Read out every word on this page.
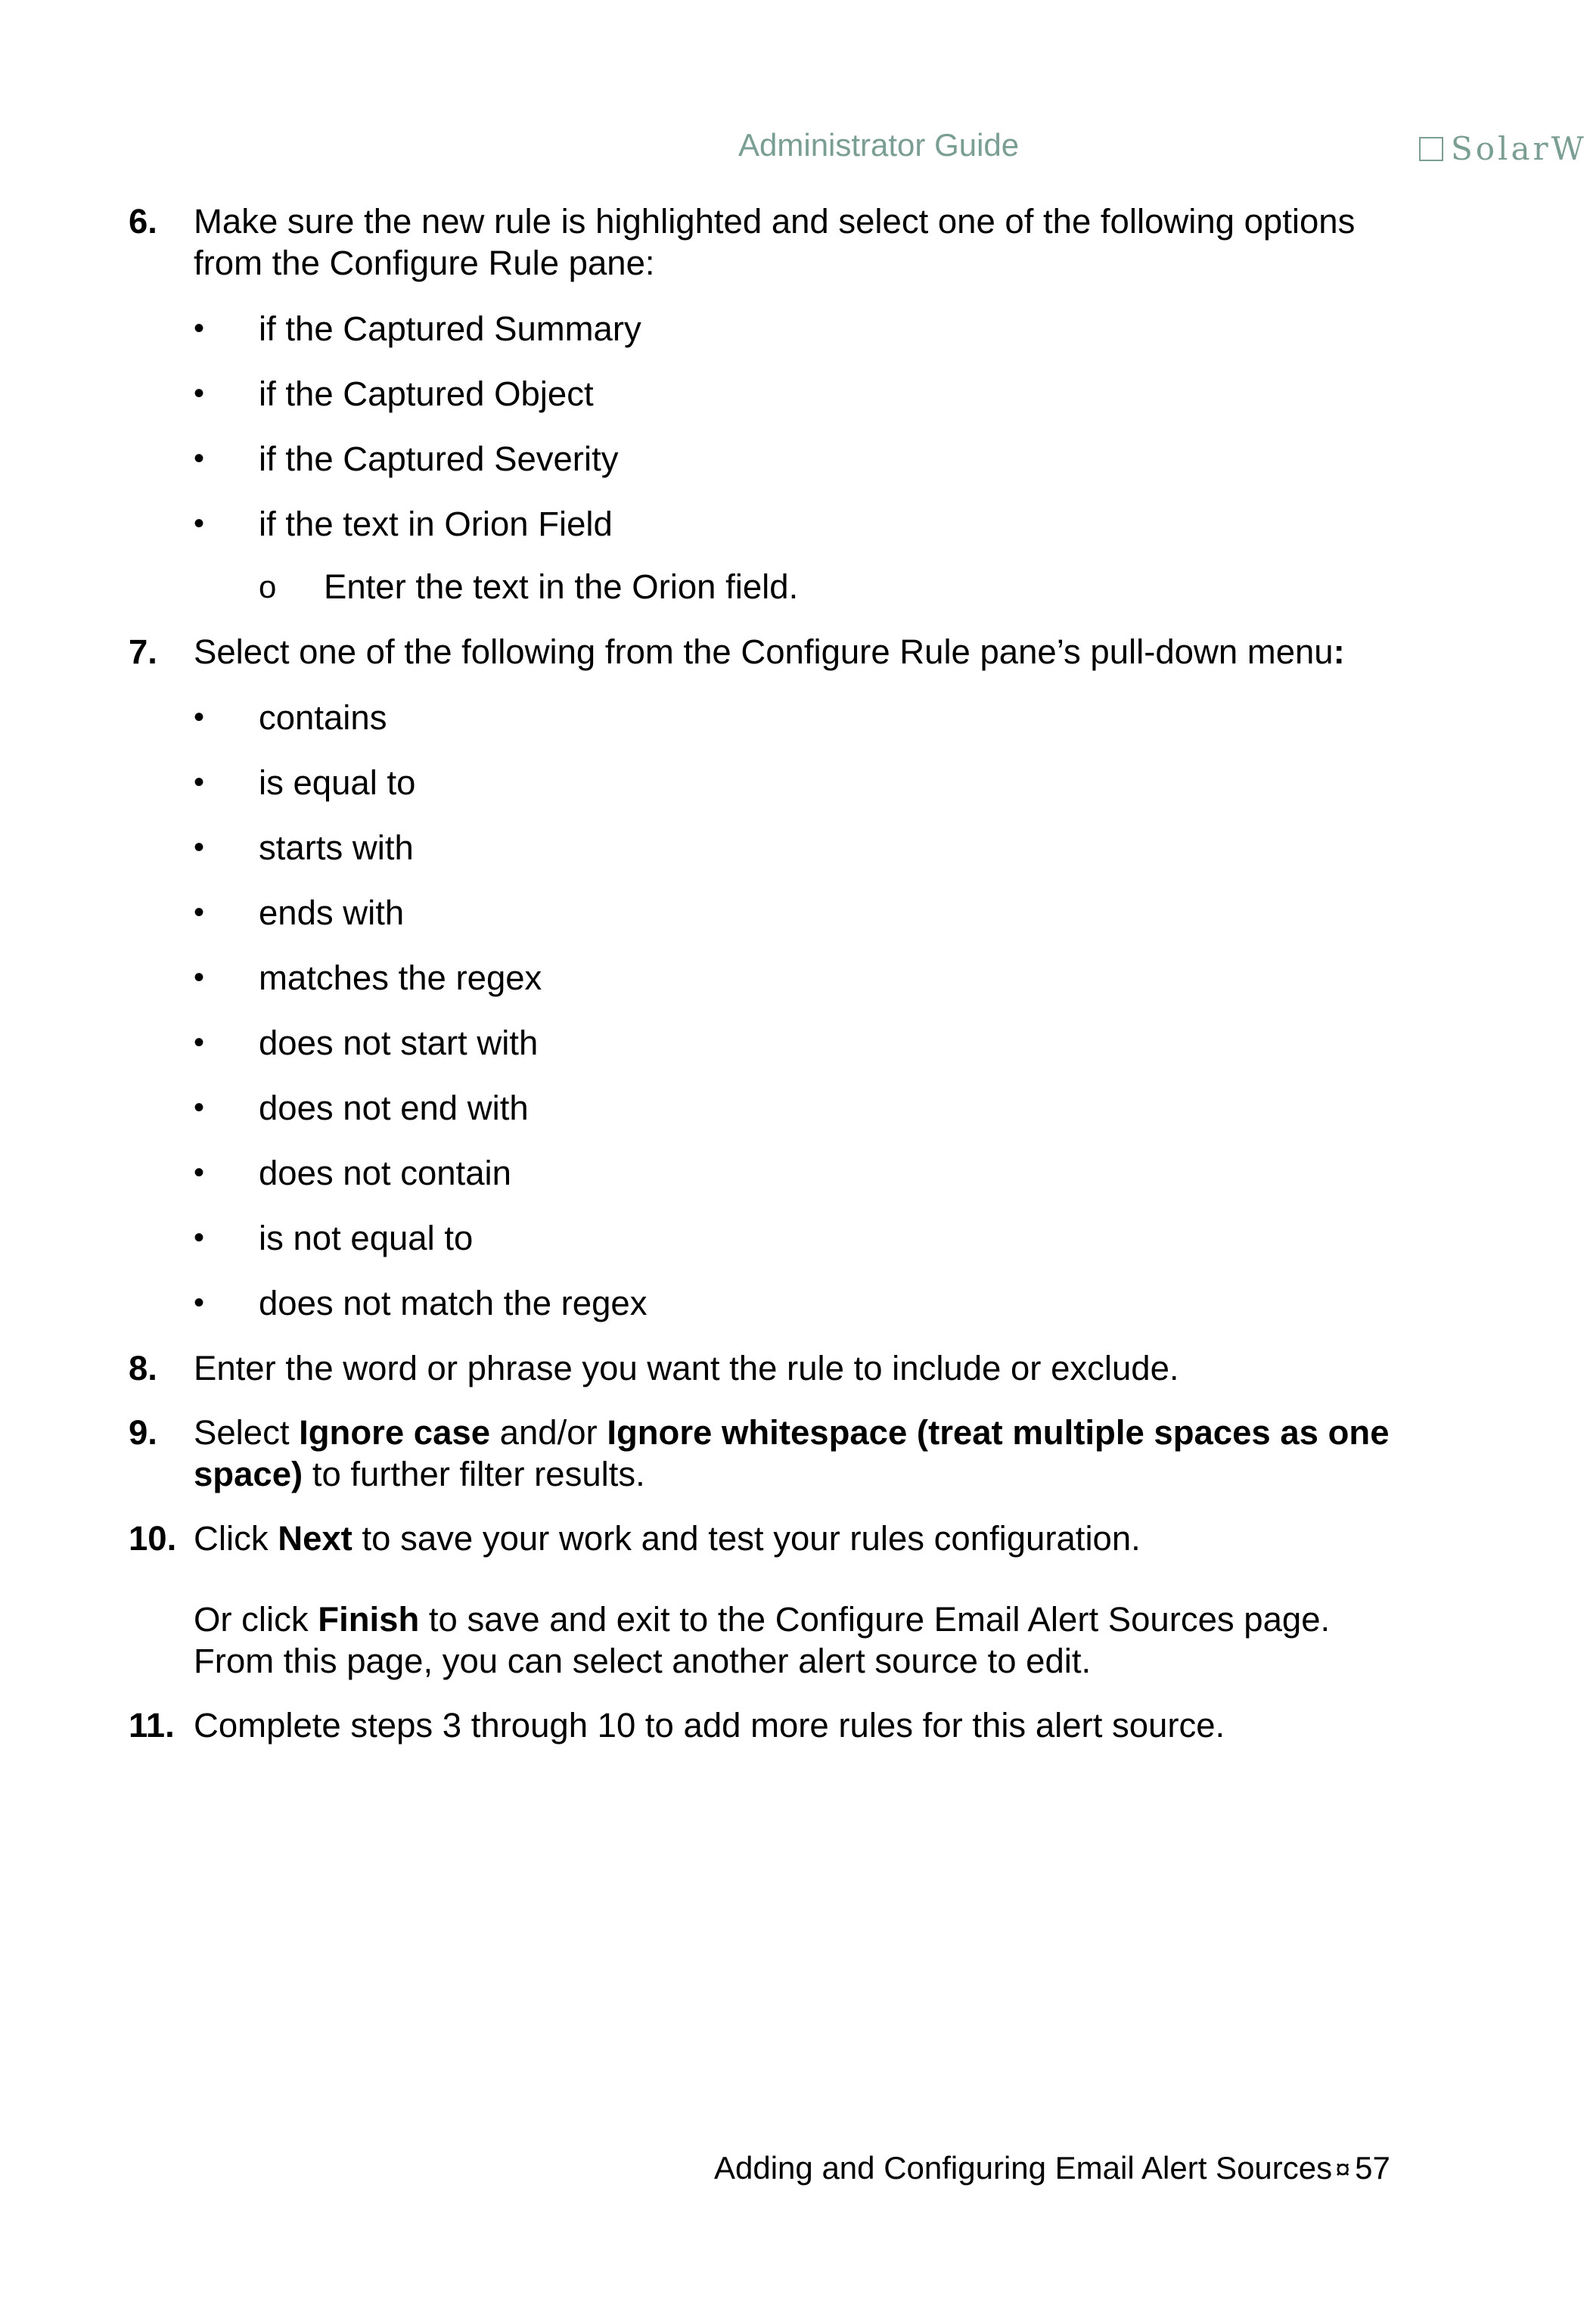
Administrator Guide	SolarW
6. Make sure the new rule is highlighted and select one of the following options from the Configure Rule pane:
• if the Captured Summary
• if the Captured Object
• if the Captured Severity
• if the text in Orion Field
o Enter the text in the Orion field.
7. Select one of the following from the Configure Rule pane’s pull-down menu:
• contains
• is equal to
• starts with
• ends with
• matches the regex
• does not start with
• does not end with
• does not contain
• is not equal to
• does not match the regex
8. Enter the word or phrase you want the rule to include or exclude.
9. Select Ignore case and/or Ignore whitespace (treat multiple spaces as one space) to further filter results.
10. Click Next to save your work and test your rules configuration.
Or click Finish to save and exit to the Configure Email Alert Sources page. From this page, you can select another alert source to edit.
11. Complete steps 3 through 10 to add more rules for this alert source.
Adding and Configuring Email Alert Sources ¤ 57
